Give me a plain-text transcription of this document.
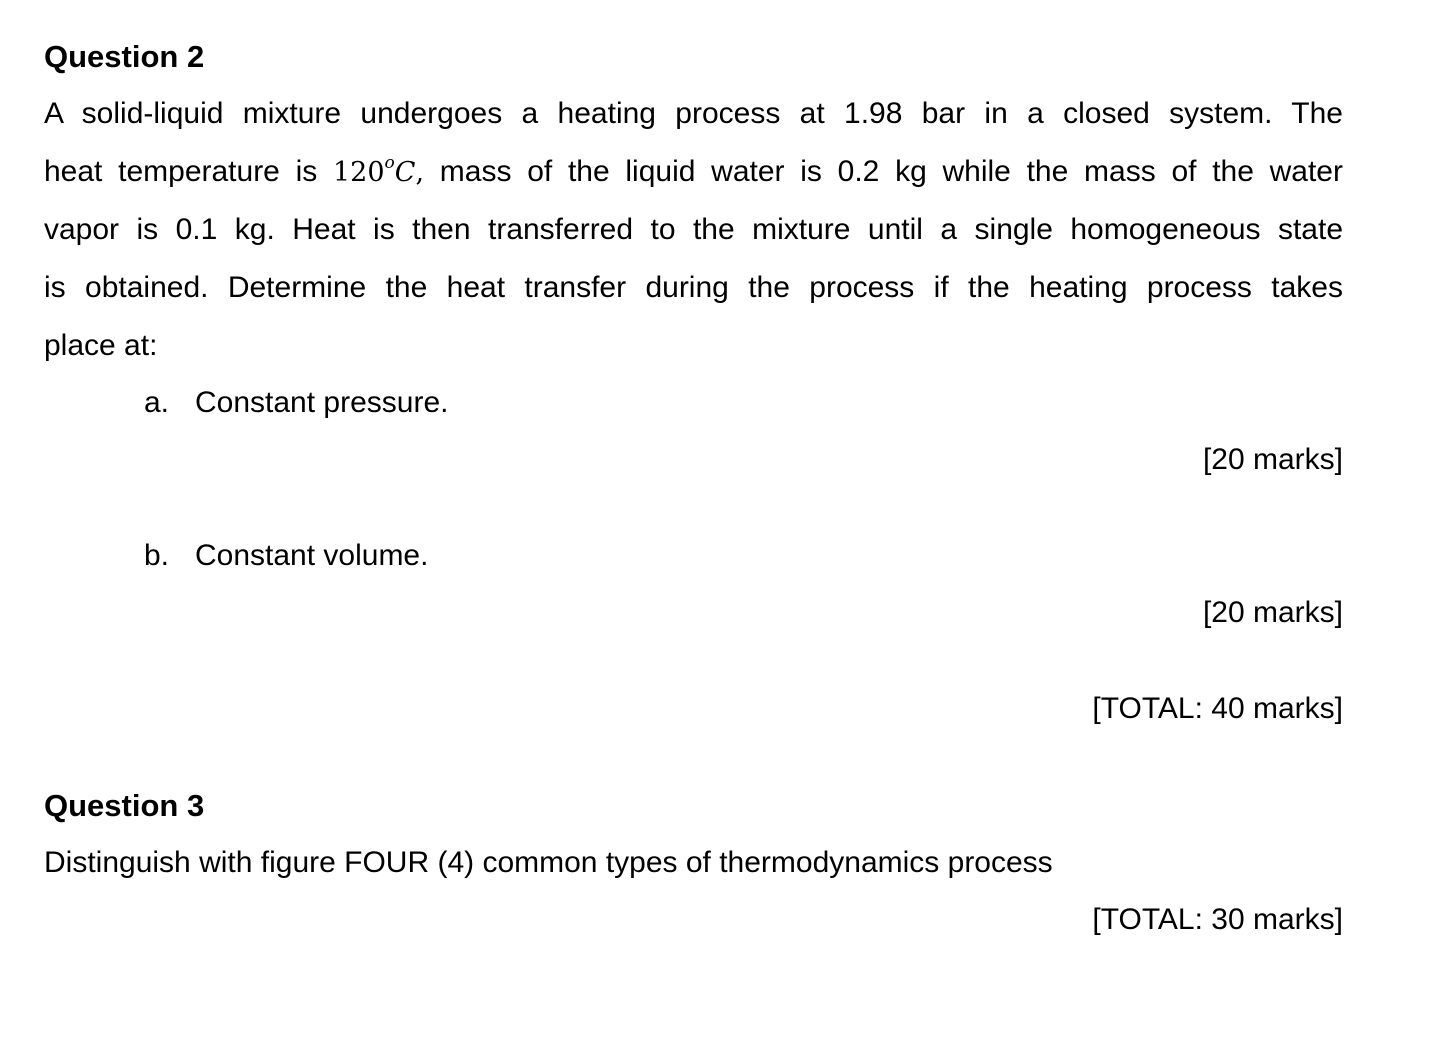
Question 2
A solid-liquid mixture undergoes a heating process at 1.98 bar in a closed system. The
heat temperature is 120$^o$C, mass of the liquid water is 0.2 kg while the mass of the water
vapor is 0.1 kg. Heat is then transferred to the mixture until a single homogeneous state
is obtained. Determine the heat transfer during the process if the heating process takes
place at:
a. Constant pressure.
[20 marks]
b. Constant volume.
[20 marks]
[TOTAL: 40 marks]
Question 3
Distinguish with figure FOUR (4) common types of thermodynamics process
[TOTAL: 30 marks]
